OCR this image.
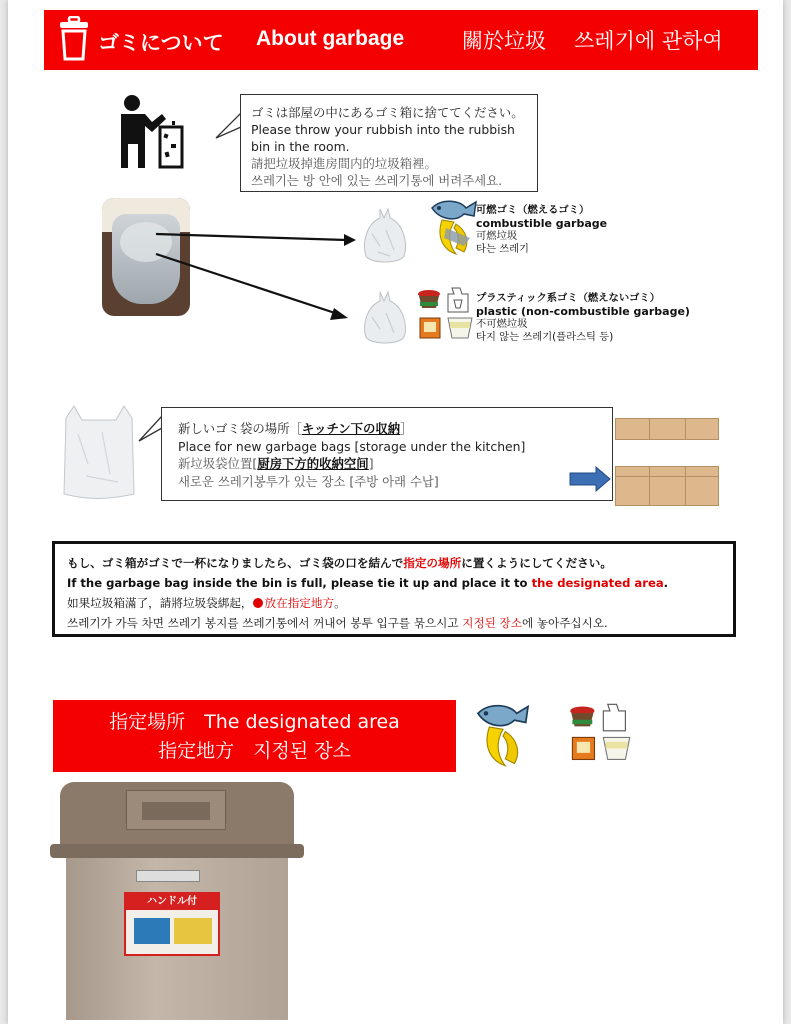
ゴミについて About garbage	關於垃圾 쓰레기에 관하여
ゴミは部屋の中にあるゴミ箱に捨ててください。
Please throw your rubbish into the rubbish bin in the room.
請把垃圾掉進房間内的垃圾箱裡。
쓰레기는 방 안에 있는 쓰레기통에 버려주세요.
可燃ゴミ（燃えるゴミ）
combustible garbage
可燃垃圾
타는 쓰레기
プラスティック系ゴミ（燃えないゴミ）
plastic (non-combustible garbage)
不可燃垃圾
타지 않는 쓰레기(플라스틱 등)
新しいゴミ袋の場所［キッチン下の収納］
Place for new garbage bags [storage under the kitchen]
新垃圾袋位置[厨房下方的收納空间]
새로운 쓰레기봉투가 있는 장소 [주방 아래 수납]
もし、ゴミ箱がゴミで一杯になりましたら、ゴミ袋の口を結んで指定の場所に置くようにしてください。
If the garbage bag inside the bin is full, please tie it up and place it to the designated area.
如果垃圾箱滿了，請將垃圾袋綁起， 放在指定地方。
쓰레기가 가득 차면 쓰레기 봉지를 쓰레기통에서 꺼내어 봉투 입구를 묶으시고 지정된 장소에 놓아주십시오.
指定場所　The designated area
指定地方　지정된 장소
ハンドル付
